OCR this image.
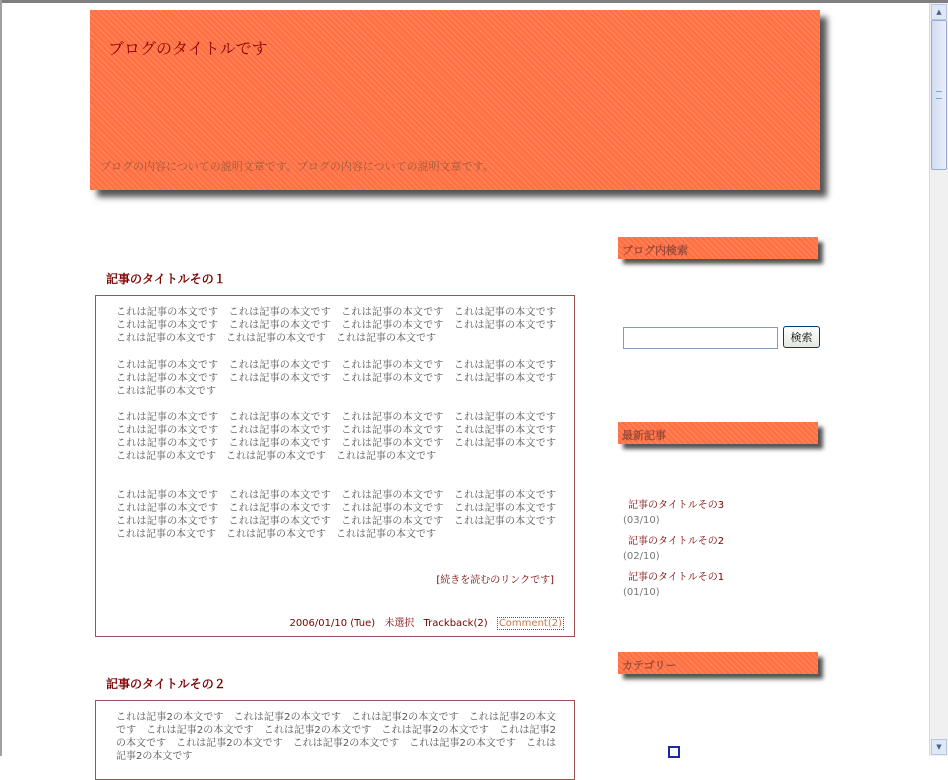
ブログのタイトルです
ブログの内容についての説明文章です。ブログの内容についての説明文章です。
記事のタイトルその１
これは記事の本文です　これは記事の本文です　これは記事の本文です　これは記事の本文です　これは記事の本文です　これは記事の本文です　これは記事の本文です　これは記事の本文です　これは記事の本文です　これは記事の本文です　これは記事の本文です
これは記事の本文です　これは記事の本文です　これは記事の本文です　これは記事の本文です　これは記事の本文です　これは記事の本文です　これは記事の本文です　これは記事の本文です　これは記事の本文です
これは記事の本文です　これは記事の本文です　これは記事の本文です　これは記事の本文です　これは記事の本文です　これは記事の本文です　これは記事の本文です　これは記事の本文です　これは記事の本文です　これは記事の本文です　これは記事の本文です　これは記事の本文です　これは記事の本文です　これは記事の本文です　これは記事の本文です
これは記事の本文です　これは記事の本文です　これは記事の本文です　これは記事の本文です　これは記事の本文です　これは記事の本文です　これは記事の本文です　これは記事の本文です　これは記事の本文です　これは記事の本文です　これは記事の本文です　これは記事の本文です　これは記事の本文です　これは記事の本文です　これは記事の本文です
[続きを読むのリンクです]
2006/01/10 (Tue) 未選択 Trackback(2) Comment(2)
記事のタイトルその２
これは記事2の本文です　これは記事2の本文です　これは記事2の本文です　これは記事2の本文です　これは記事2の本文です　これは記事2の本文です　これは記事2の本文です　これは記事2の本文です　これは記事2の本文です　これは記事2の本文です　これは記事2の本文です　これは記事2の本文です
ブログ内検索
検索
最新記事
記事のタイトルその3
(03/10)
記事のタイトルその2
(02/10)
記事のタイトルその1
(01/10)
カテゴリー
▲
▼
